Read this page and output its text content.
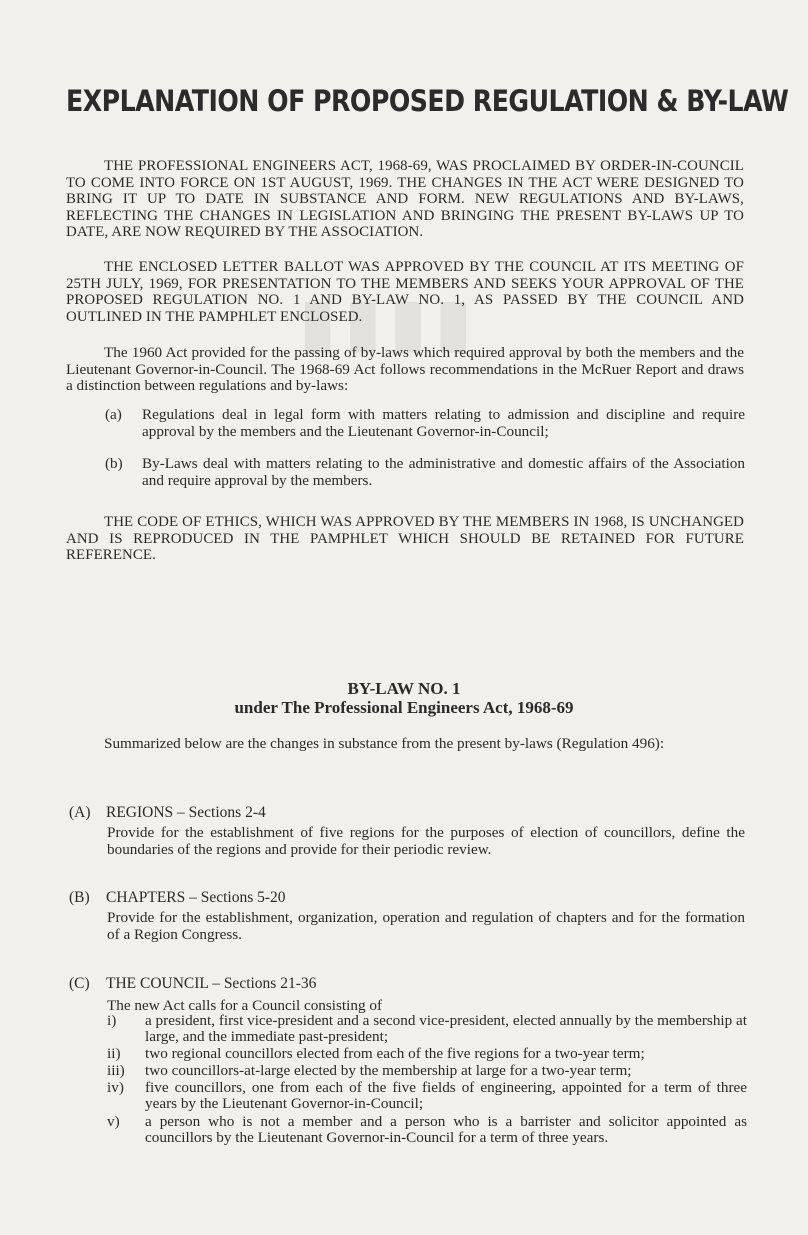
▮▮▮▮
EXPLANATION OF PROPOSED REGULATION & BY-LAW
THE PROFESSIONAL ENGINEERS ACT, 1968-69, WAS PROCLAIMED BY ORDER-IN-COUNCIL TO COME INTO FORCE ON 1ST AUGUST, 1969. THE CHANGES IN THE ACT WERE DESIGNED TO BRING IT UP TO DATE IN SUBSTANCE AND FORM. NEW REGULATIONS AND BY-LAWS, REFLECTING THE CHANGES IN LEGISLATION AND BRINGING THE PRESENT BY-LAWS UP TO DATE, ARE NOW REQUIRED BY THE ASSOCIATION.
THE ENCLOSED LETTER BALLOT WAS APPROVED BY THE COUNCIL AT ITS MEETING OF 25TH JULY, 1969, FOR PRESENTATION TO THE MEMBERS AND SEEKS YOUR APPROVAL OF THE PROPOSED REGULATION NO. 1 AND BY-LAW NO. 1, AS PASSED BY THE COUNCIL AND OUTLINED IN THE PAMPHLET ENCLOSED.
The 1960 Act provided for the passing of by-laws which required approval by both the members and the Lieutenant Governor-in-Council. The 1968-69 Act follows recommendations in the McRuer Report and draws a distinction between regulations and by-laws:
(a) Regulations deal in legal form with matters relating to admission and discipline and require approval by the members and the Lieutenant Governor-in-Council;
(b) By-Laws deal with matters relating to the administrative and domestic affairs of the Association and require approval by the members.
THE CODE OF ETHICS, WHICH WAS APPROVED BY THE MEMBERS IN 1968, IS UNCHANGED AND IS REPRODUCED IN THE PAMPHLET WHICH SHOULD BE RETAINED FOR FUTURE REFERENCE.
BY-LAW NO. 1
under The Professional Engineers Act, 1968-69
Summarized below are the changes in substance from the present by-laws (Regulation 496):
(A) REGIONS – Sections 2-4
Provide for the establishment of five regions for the purposes of election of councillors, define the boundaries of the regions and provide for their periodic review.
(B) CHAPTERS – Sections 5-20
Provide for the establishment, organization, operation and regulation of chapters and for the formation of a Region Congress.
(C) THE COUNCIL – Sections 21-36
The new Act calls for a Council consisting of
i) a president, first vice-president and a second vice-president, elected annually by the membership at large, and the immediate past-president;
ii) two regional councillors elected from each of the five regions for a two-year term;
iii) two councillors-at-large elected by the membership at large for a two-year term;
iv) five councillors, one from each of the five fields of engineering, appointed for a term of three years by the Lieutenant Governor-in-Council;
v) a person who is not a member and a person who is a barrister and solicitor appointed as councillors by the Lieutenant Governor-in-Council for a term of three years.
